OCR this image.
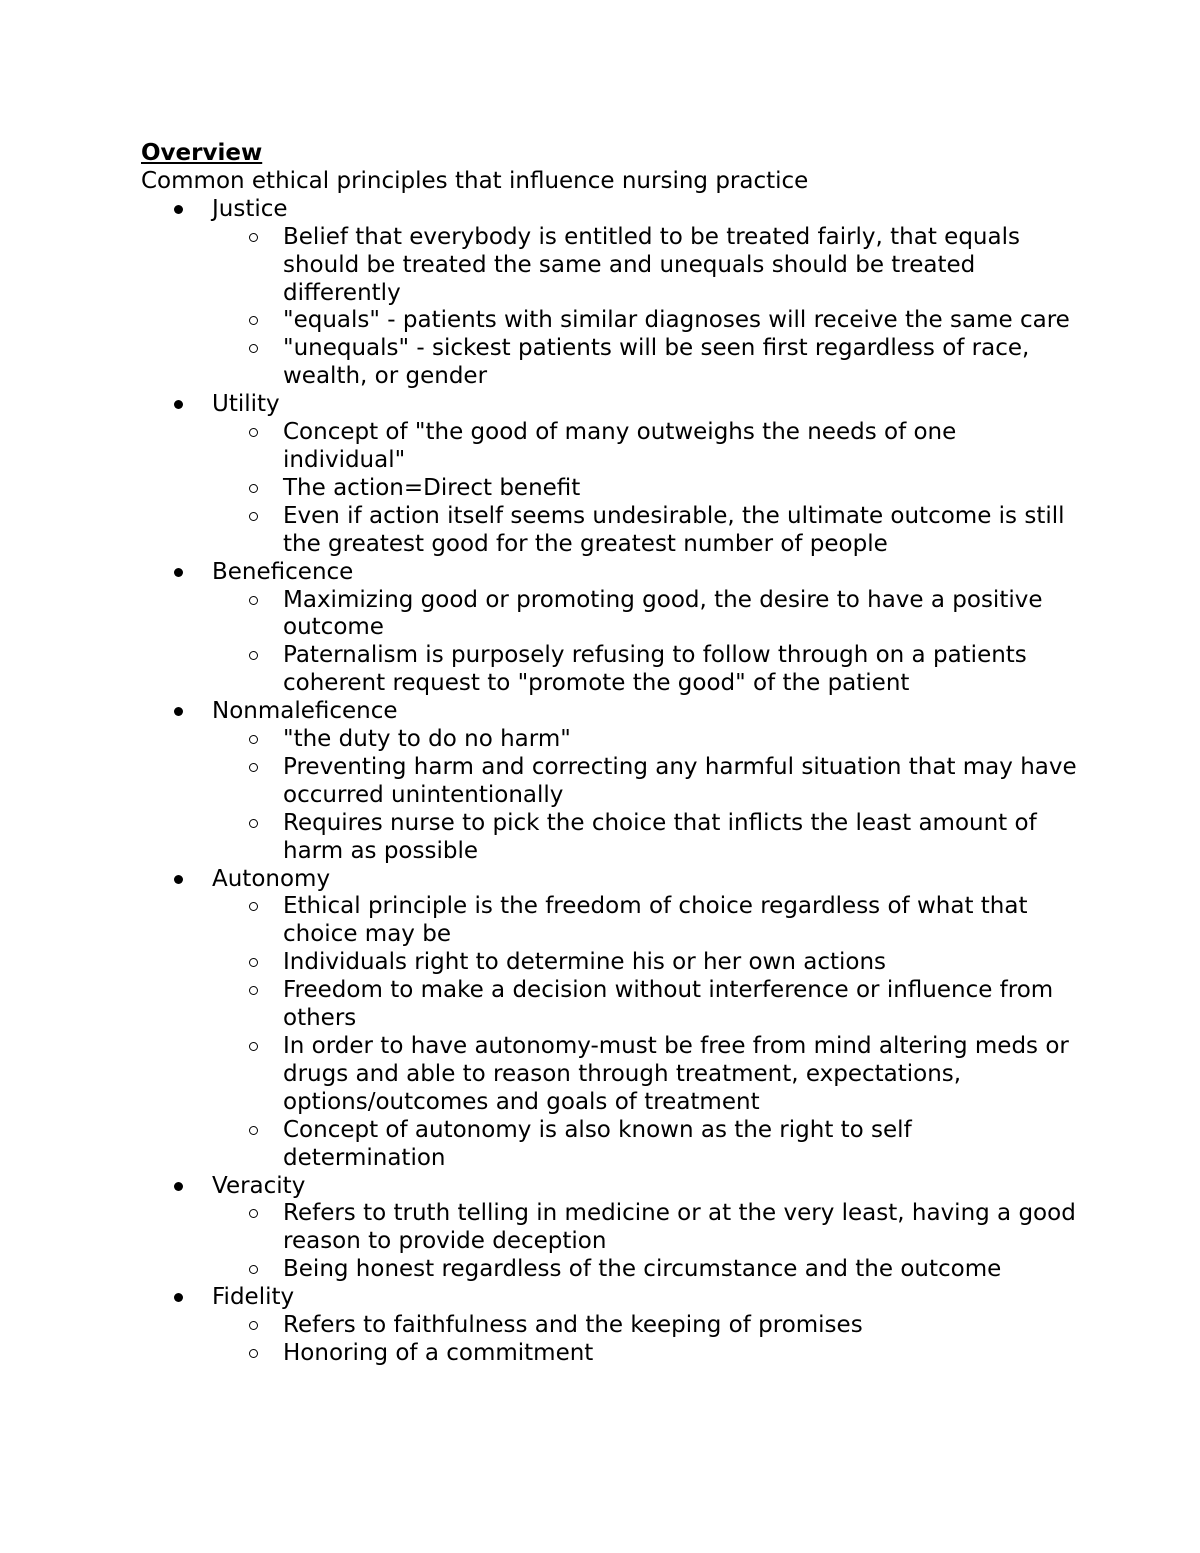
Overview

Common ethical principles that influence nursing practice

Justice
Belief that everybody is entitled to be treated fairly, that equals should be treated the same and unequals should be treated differently
"equals" - patients with similar diagnoses will receive the same care
"unequals" - sickest patients will be seen first regardless of race, wealth, or gender
Utility
Concept of "the good of many outweighs the needs of one individual"
The action=Direct benefit
Even if action itself seems undesirable, the ultimate outcome is still the greatest good for the greatest number of people
Beneficence
Maximizing good or promoting good, the desire to have a positive outcome
Paternalism is purposely refusing to follow through on a patients coherent request to "promote the good" of the patient
Nonmaleficence
"the duty to do no harm"
Preventing harm and correcting any harmful situation that may have occurred unintentionally
Requires nurse to pick the choice that inflicts the least amount of harm as possible
Autonomy
Ethical principle is the freedom of choice regardless of what that choice may be
Individuals right to determine his or her own actions
Freedom to make a decision without interference or influence from others
In order to have autonomy-must be free from mind altering meds or drugs and able to reason through treatment, expectations, options/outcomes and goals of treatment
Concept of autonomy is also known as the right to self determination
Veracity
Refers to truth telling in medicine or at the very least, having a good reason to provide deception
Being honest regardless of the circumstance and the outcome
Fidelity
Refers to faithfulness and the keeping of promises
Honoring of a commitment
